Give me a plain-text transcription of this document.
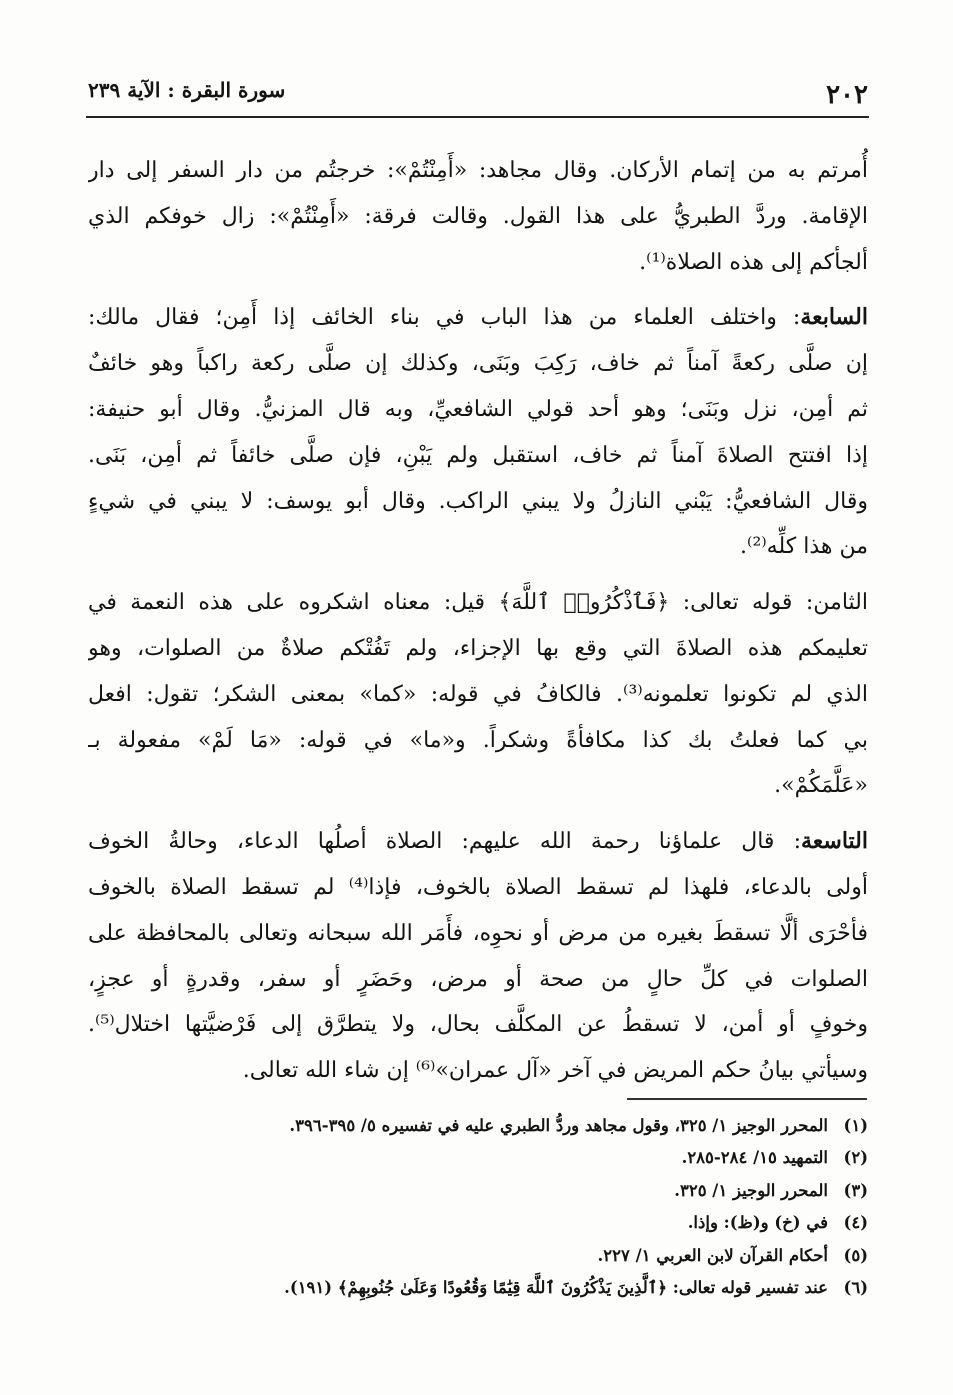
٢٠٢
سورة البقرة : الآية ٢٣٩
أُمرتم به من إتمام الأركان. وقال مجاهد: «أَمِنْتُمْ»: خرجتُم من دار السفر إلى دار
الإقامة. وردَّ الطبريُّ على هذا القول. وقالت فرقة: «أَمِنْتُمْ»: زال خوفكم الذي
ألجأكم إلى هذه الصلاة⁽¹⁾.
السابعة: واختلف العلماء من هذا الباب في بناء الخائف إذا أَمِن؛ فقال مالك:
إن صلَّى ركعةً آمناً ثم خاف، رَكِبَ وبَنَى، وكذلك إن صلَّى ركعة راكباً وهو خائفٌ
ثم أمِن، نزل وبَنَى؛ وهو أحد قولي الشافعيِّ، وبه قال المزنيُّ. وقال أبو حنيفة:
إذا افتتح الصلاةَ آمناً ثم خاف، استقبل ولم يَبْنِ، فإن صلَّى خائفاً ثم أمِن، بَنَى.
وقال الشافعيُّ: يَبْني النازلُ ولا يبني الراكب. وقال أبو يوسف: لا يبني في شيءٍ
من هذا كلِّه⁽²⁾.
الثامن: قوله تعالى: ﴿فَٱذْكُرُوا۟ ٱللَّهَ﴾ قيل: معناه اشكروه على هذه النعمة في
تعليمكم هذه الصلاةَ التي وقع بها الإجزاء، ولم تَفُتْكم صلاةٌ من الصلوات، وهو
الذي لم تكونوا تعلمونه⁽³⁾. فالكافُ في قوله: «كما» بمعنى الشكر؛ تقول: افعل
بي كما فعلتُ بك كذا مكافأةً وشكراً. و«ما» في قوله: «مَا لَمْ» مفعولة بـ
«عَلَّمَكُمْ».
التاسعة: قال علماؤنا رحمة الله عليهم: الصلاة أصلُها الدعاء، وحالةُ الخوف
أولى بالدعاء، فلهذا لم تسقط الصلاة بالخوف، فإذا⁽⁴⁾ لم تسقط الصلاة بالخوف
فأحْرَى ألَّا تسقطَ بغيره من مرض أو نحوِه، فأَمَر الله سبحانه وتعالى بالمحافظة على
الصلوات في كلِّ حالٍ من صحة أو مرض، وحَضَرٍ أو سفر، وقدرةٍ أو عجزٍ،
وخوفٍ أو أمن، لا تسقطُ عن المكلَّف بحال، ولا يتطرَّق إلى فَرْضيَّتها اختلال⁽⁵⁾.
وسيأتي بيانُ حكم المريض في آخر «آل عمران»⁽⁶⁾ إن شاء الله تعالى.
(١)المحرر الوجيز ١/ ٣٢٥، وقول مجاهد وردُّ الطبري عليه في تفسيره ٥/ ٣٩٥-٣٩٦.
(٢)التمهيد ١٥/ ٢٨٤-٢٨٥.
(٣)المحرر الوجيز ١/ ٣٢٥.
(٤)في (خ) و(ظ): وإذا.
(٥)أحكام القرآن لابن العربي ١/ ٢٢٧.
(٦)عند تفسير قوله تعالى: ﴿ٱلَّذِينَ يَذْكُرُونَ ٱللَّهَ قِيَٰمًا وَقُعُودًا وَعَلَىٰ جُنُوبِهِمْ﴾ (١٩١).
